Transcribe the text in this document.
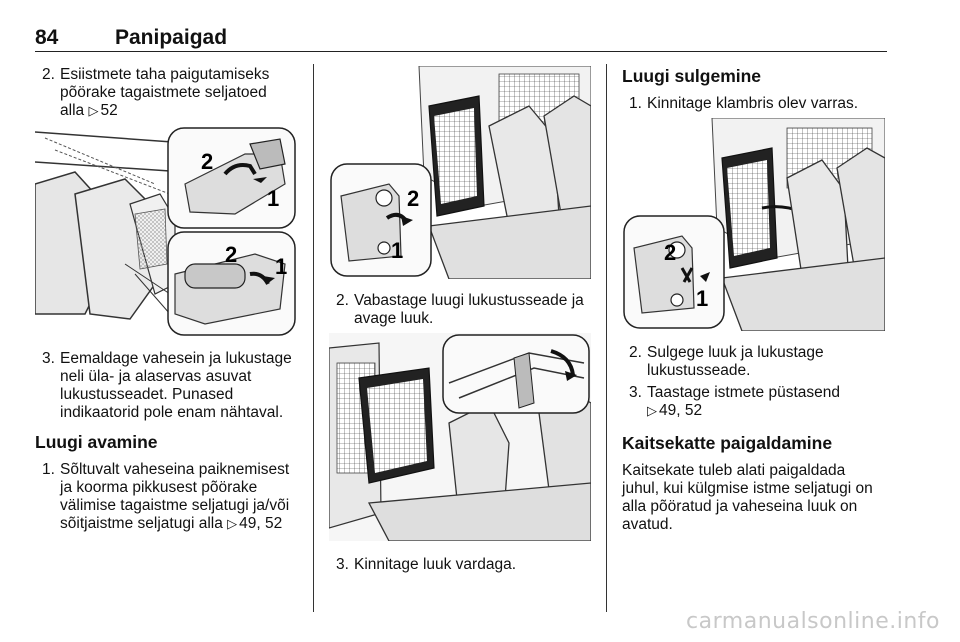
84	Panipaigad
2. Esiistmete taha paigutamiseks
põörake tagaistmete seljatoed
alla ▷ 52
2
1
2 1
3. Eemaldage vahesein ja lukustage
neli üla- ja alaservas asuvat
lukustusseadet. Punased
indikaatorid pole enam nähtaval.
Luugi avamine
1. Sõltuvalt vaheseina paiknemisest
ja koorma pikkusest põörake
välimise tagaistme seljatugi ja/või
sõitjaistme seljatugi alla ▷ 49, 52
2
1
2. Vabastage luugi lukustusseade ja
avage luuk.
3. Kinnitage luuk vardaga.
Luugi sulgemine
1. Kinnitage klambris olev varras.
2
1
2. Sulgege luuk ja lukustage
lukustusseade.
3. Taastage istmete püstasend
▷ 49, 52
Kaitsekatte paigaldamine
Kaitsekate tuleb alati paigaldada
juhul, kui külgmise istme seljatugi on
alla põöratud ja vaheseina luuk on
avatud.
carmanualsonline.info
